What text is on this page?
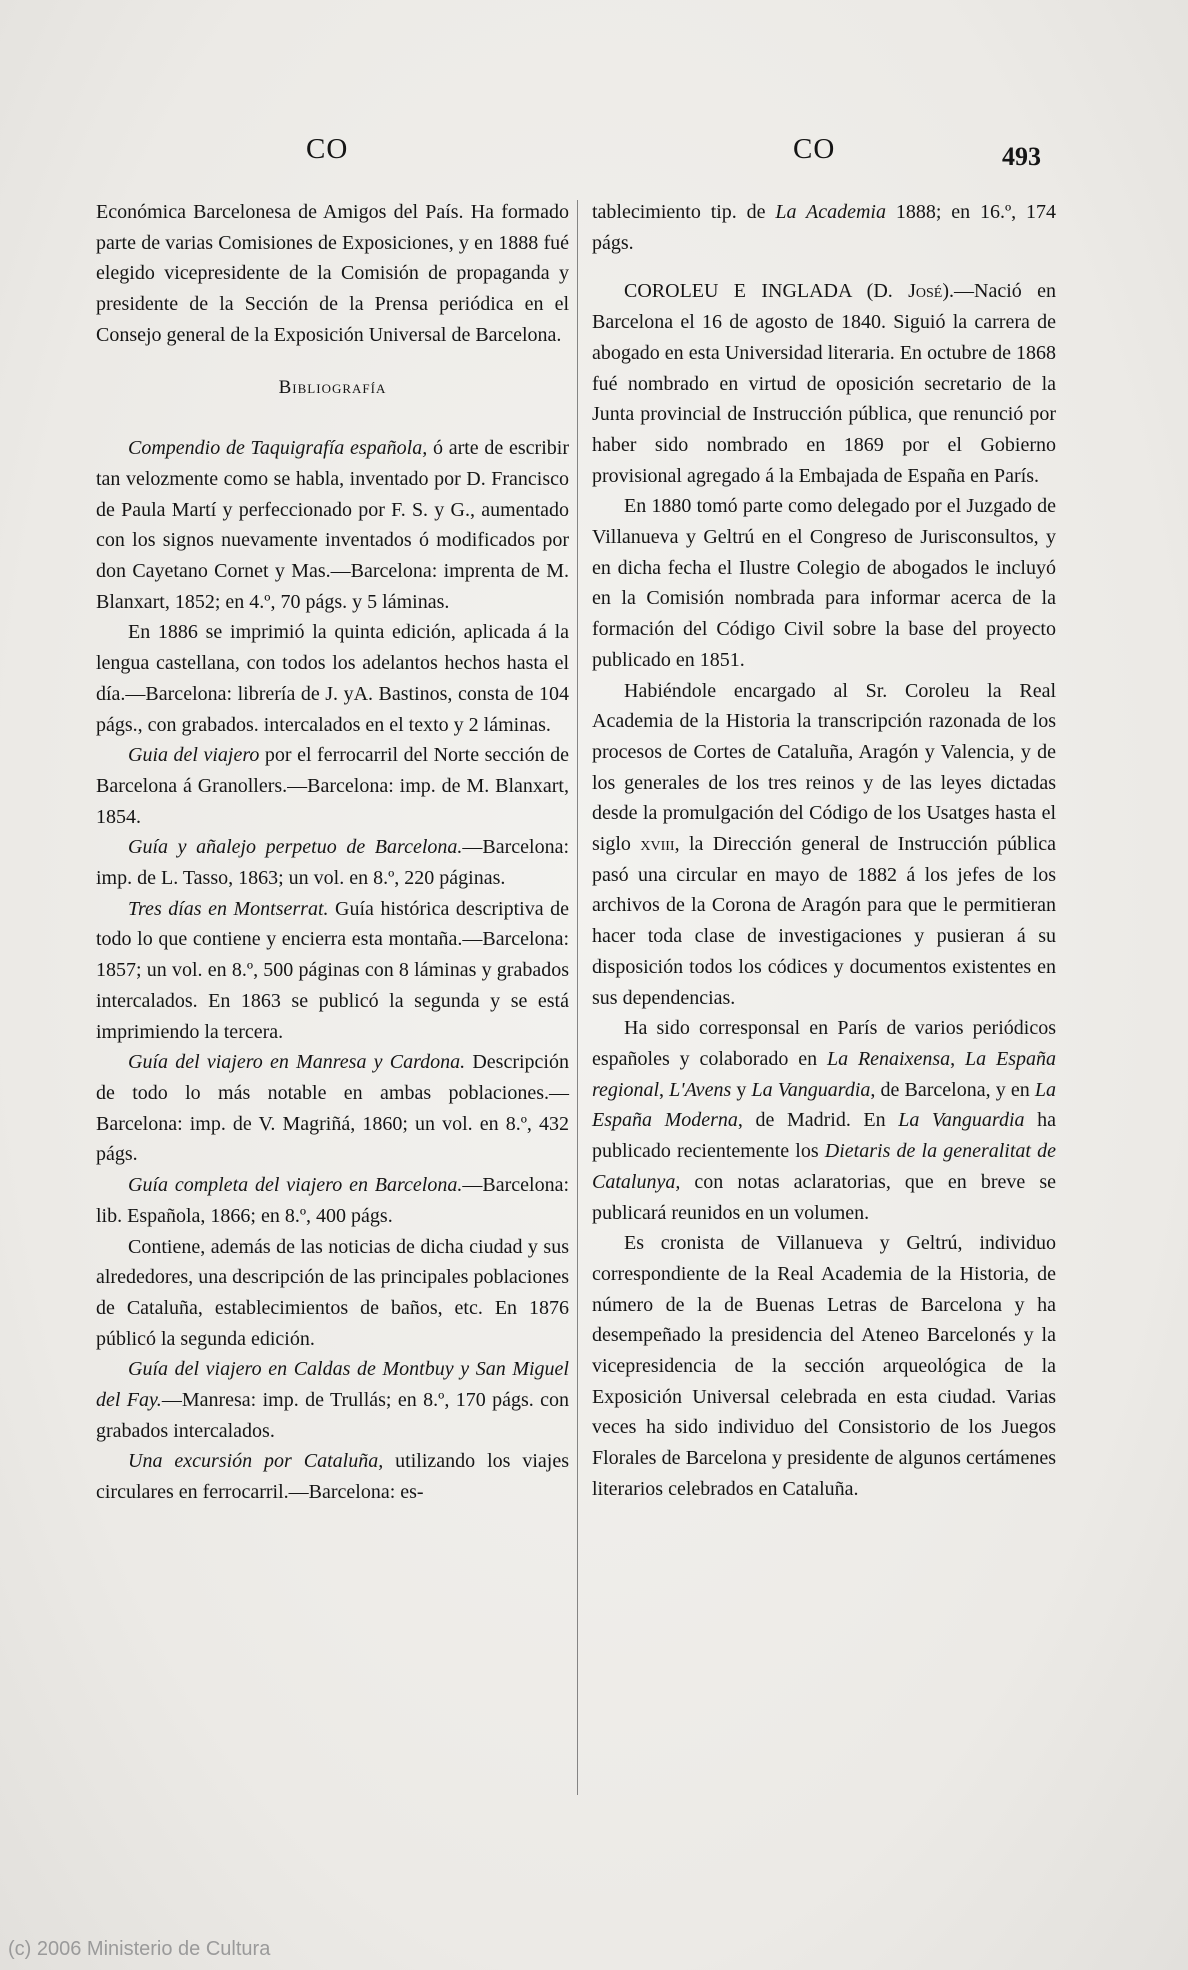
CO	CO	493

Económica Barcelonesa de Amigos del País. Ha formado parte de varias Comisiones de Exposiciones, y en 1888 fué elegido vicepresidente de la Comisión de propaganda y presidente de la Sección de la Prensa periódica en el Consejo general de la Exposición Universal de Barcelona.

Bibliografía

Compendio de Taquigrafía española, ó arte de escribir tan velozmente como se habla, inventado por D. Francisco de Paula Martí y perfeccionado por F. S. y G., aumentado con los signos nuevamente inventados ó modificados por don Cayetano Cornet y Mas.—Barcelona: imprenta de M. Blanxart, 1852; en 4.º, 70 págs. y 5 láminas.

En 1886 se imprimió la quinta edición, aplicada á la lengua castellana, con todos los adelantos hechos hasta el día.—Barcelona: librería de J. yA. Bastinos, consta de 104 págs., con grabados. intercalados en el texto y 2 láminas.

Guia del viajero por el ferrocarril del Norte sección de Barcelona á Granollers.—Barcelona: imp. de M. Blanxart, 1854.

Guía y añalejo perpetuo de Barcelona.—Barcelona: imp. de L. Tasso, 1863; un vol. en 8.º, 220 páginas.

Tres días en Montserrat. Guía histórica descriptiva de todo lo que contiene y encierra esta montaña.—Barcelona: 1857; un vol. en 8.º, 500 páginas con 8 láminas y grabados intercalados. En 1863 se publicó la segunda y se está imprimiendo la tercera.

Guía del viajero en Manresa y Cardona. Descripción de todo lo más notable en ambas poblaciones.—Barcelona: imp. de V. Magriñá, 1860; un vol. en 8.º, 432 págs.

Guía completa del viajero en Barcelona.—Barcelona: lib. Española, 1866; en 8.º, 400 págs.

Contiene, además de las noticias de dicha ciudad y sus alrededores, una descripción de las principales poblaciones de Cataluña, establecimientos de baños, etc. En 1876 públicó la segunda edición.

Guía del viajero en Caldas de Montbuy y San Miguel del Fay.—Manresa: imp. de Trullás; en 8.º, 170 págs. con grabados intercalados.

Una excursión por Cataluña, utilizando los viajes circulares en ferrocarril.—Barcelona: es-

tablecimiento tip. de La Academia 1888; en 16.º, 174 págs.

COROLEU E INGLADA (D. José).—Nació en Barcelona el 16 de agosto de 1840. Siguió la carrera de abogado en esta Universidad literaria. En octubre de 1868 fué nombrado en virtud de oposición secretario de la Junta provincial de Instrucción pública, que renunció por haber sido nombrado en 1869 por el Gobierno provisional agregado á la Embajada de España en París.

En 1880 tomó parte como delegado por el Juzgado de Villanueva y Geltrú en el Congreso de Jurisconsultos, y en dicha fecha el Ilustre Colegio de abogados le incluyó en la Comisión nombrada para informar acerca de la formación del Código Civil sobre la base del proyecto publicado en 1851.

Habiéndole encargado al Sr. Coroleu la Real Academia de la Historia la transcripción razonada de los procesos de Cortes de Cataluña, Aragón y Valencia, y de los generales de los tres reinos y de las leyes dictadas desde la promulgación del Código de los Usatges hasta el siglo xviii, la Dirección general de Instrucción pública pasó una circular en mayo de 1882 á los jefes de los archivos de la Corona de Aragón para que le permitieran hacer toda clase de investigaciones y pusieran á su disposición todos los códices y documentos existentes en sus dependencias.

Ha sido corresponsal en París de varios periódicos españoles y colaborado en La Renaixensa, La España regional, L'Avens y La Vanguardia, de Barcelona, y en La España Moderna, de Madrid. En La Vanguardia ha publicado recientemente los Dietaris de la generalitat de Catalunya, con notas aclaratorias, que en breve se publicará reunidos en un volumen.

Es cronista de Villanueva y Geltrú, individuo correspondiente de la Real Academia de la Historia, de número de la de Buenas Letras de Barcelona y ha desempeñado la presidencia del Ateneo Barcelonés y la vicepresidencia de la sección arqueológica de la Exposición Universal celebrada en esta ciudad. Varias veces ha sido individuo del Consistorio de los Juegos Florales de Barcelona y presidente de algunos certámenes literarios celebrados en Cataluña.

(c) 2006 Ministerio de Cultura
